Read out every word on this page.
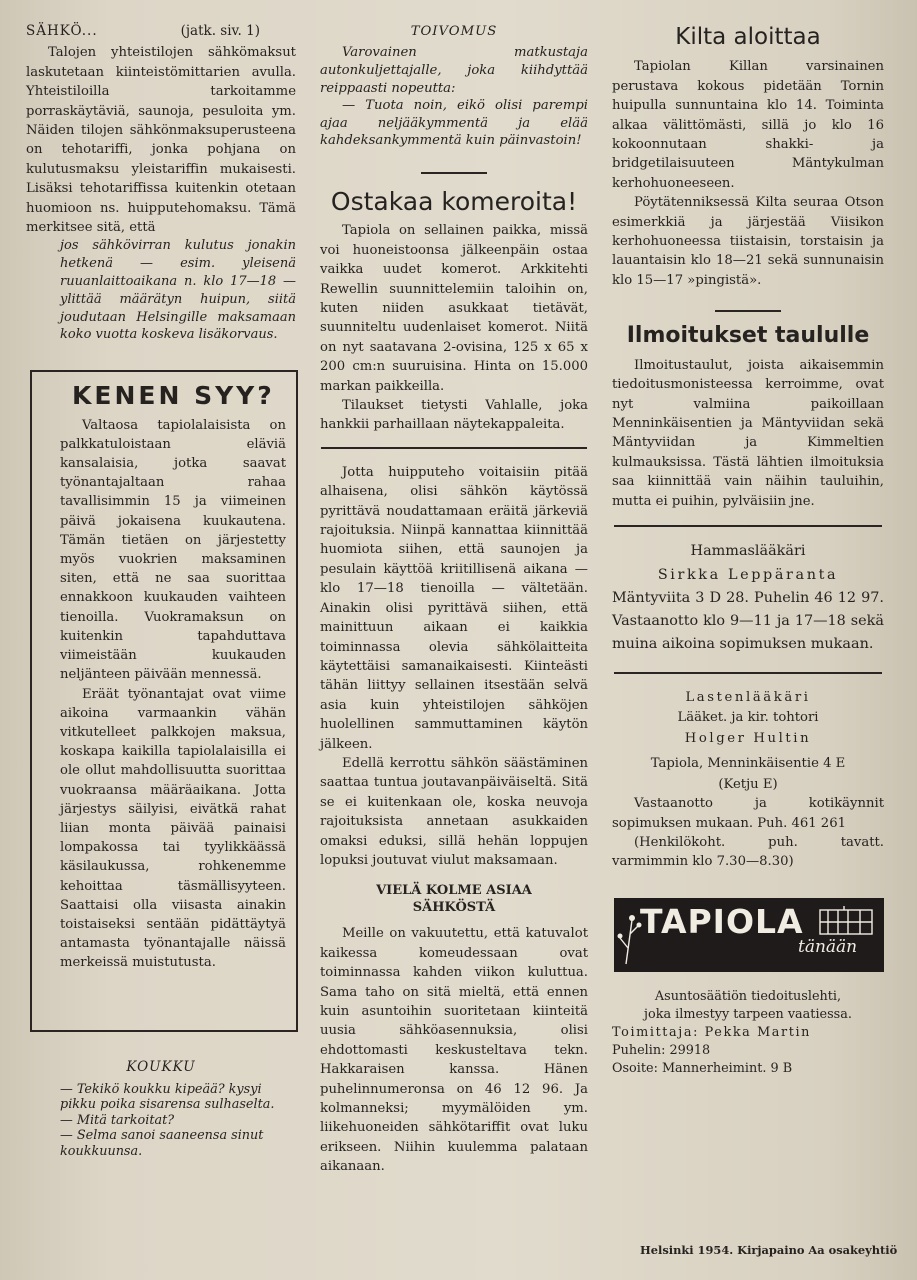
SÄHKÖ...	(jatk. siv. 1)

Talojen yhteistilojen sähkömaksut laskutetaan kiinteistömittarien avulla. Yhteistiloilla tarkoitamme porraskäytäviä, saunoja, pesuloita ym. Näiden tilojen sähkönmaksuperusteena on tehotariffi, jonka pohjana on kulutusmaksu yleistariffin mukaisesti. Lisäksi tehotariffissa kuitenkin otetaan huomioon ns. huipputehomaksu. Tämä merkitsee sitä, että

jos sähkövirran kulutus jonakin hetkenä — esim. yleisenä ruuanlaittoaikana n. klo 17—18 — ylittää määrätyn huipun, siitä joudutaan Helsingille maksamaan koko vuotta koskeva lisäkorvaus.

KENEN SYY?

Valtaosa tapiolalaisista on palkkatuloistaan eläviä kansalaisia, jotka saavat työnantajaltaan rahaa tavallisimmin 15 ja viimeinen päivä jokaisena kuukautena. Tämän tietäen on järjestetty myös vuokrien maksaminen siten, että ne saa suorittaa ennakkoon kuukauden vaihteen tienoilla. Vuokramaksun on kuitenkin tapahduttava viimeistään kuukauden neljänteen päivään mennessä.

Eräät työnantajat ovat viime aikoina varmaankin vähän vitkutelleet palkkojen maksua, koskapa kaikilla tapiolalaisilla ei ole ollut mahdollisuutta suorittaa vuokraansa määräaikana. Jotta järjestys säilyisi, eivätkä rahat liian monta päivää painaisi lompakossa tai tyylikkäässä käsilaukussa, rohkenemme kehoittaa täsmällisyyteen. Saattaisi olla viisasta ainakin toistaiseksi sentään pidättäytyä antamasta työnantajalle näissä merkeissä muistutusta.

KOUKKU
— Tekikö koukku kipeää? kysyi pikku poika sisarensa sulhaselta.
— Mitä tarkoitat?
— Selma sanoi saaneensa sinut koukkuunsa.
TOIVOMUS

Varovainen matkustaja autonkuljettajalle, joka kiihdyttää reippaasti nopeutta:

— Tuota noin, eikö olisi parempi ajaa neljääkymmentä ja elää kahdeksankymmentä kuin päinvastoin!

Ostakaa komeroita!

Tapiola on sellainen paikka, missä voi huoneistoonsa jälkeenpäin ostaa vaikka uudet komerot. Arkkitehti Rewellin suunnittelemiin taloihin on, kuten niiden asukkaat tietävät, suunniteltu uudenlaiset komerot. Niitä on nyt saatavana 2-ovisina, 125 x 65 x 200 cm:n suuruisina. Hinta on 15.000 markan paikkeilla.

Tilaukset tietysti Vahlalle, joka hankkii parhaillaan näytekappaleita.

Jotta huipputeho voitaisiin pitää alhaisena, olisi sähkön käytössä pyrittävä noudattamaan eräitä järkeviä rajoituksia. Niinpä kannattaa kiinnittää huomiota siihen, että saunojen ja pesulain käyttöä kriitillisenä aikana — klo 17—18 tienoilla — vältetään. Ainakin olisi pyrittävä siihen, että mainittuun aikaan ei kaikkia toiminnassa olevia sähkölaitteita käytettäisi samanaikaisesti. Kiinteästi tähän liittyy sellainen itsestään selvä asia kuin yhteistilojen sähköjen huolellinen sammuttaminen käytön jälkeen.

Edellä kerrottu sähkön säästäminen saattaa tuntua joutavanpäiväiseltä. Sitä se ei kuitenkaan ole, koska neuvoja rajoituksista annetaan asukkaiden omaksi eduksi, sillä hehän loppujen lopuksi joutuvat viulut maksamaan.

VIELÄ KOLME ASIAA
SÄHKÖSTÄ

Meille on vakuutettu, että katuvalot kaikessa komeudessaan ovat toiminnassa kahden viikon kuluttua. Sama taho on sitä mieltä, että ennen kuin asuntoihin suoritetaan kiinteitä uusia sähköasennuksia, olisi ehdottomasti keskusteltava tekn. Hakkaraisen kanssa. Hänen puhelinnumeronsa on 46 12 96. Ja kolmanneksi; myymälöiden ym. liikehuoneiden sähkötariffit ovat luku erikseen. Niihin kuulemma palataan aikanaan.

Kilta aloittaa

Tapiolan Killan varsinainen perustava kokous pidetään Tornin huipulla sunnuntaina klo 14. Toiminta alkaa välittömästi, sillä jo klo 16 kokoonnutaan shakki- ja bridgetilaisuuteen Mäntykulman kerhohuoneeseen.

Pöytätenniksessä Kilta seuraa Otson esimerkkiä ja järjestää Viisikon kerhohuoneessa tiistaisin, torstaisin ja lauantaisin klo 18—21 sekä sunnunaisin klo 15—17 »pingistä».

Ilmoitukset taululle

Ilmoitustaulut, joista aikaisemmin tiedoitusmonisteessa kerroimme, ovat nyt valmiina paikoillaan Menninkäisentien ja Mäntyviidan sekä Mäntyviidan ja Kimmeltien kulmauksissa. Tästä lähtien ilmoituksia saa kiinnittää vain näihin tauluihin, mutta ei puihin, pylväisiin jne.

Hammaslääkäri
Sirkka Leppäranta

Mäntyviita 3 D 28. Puhelin 46 12 97. Vastaanotto klo 9—11 ja 17—18 sekä muina aikoina sopimuksen mukaan.

Lastenlääkäri
Lääket. ja kir. tohtori
Holger Hultin
Tapiola, Menninkäisentie 4 E
(Ketju E)

Vastaanotto ja kotikäynnit sopimuksen mukaan. Puh. 461 261

(Henkilökoht. puh. tavatt. varmimmin klo 7.30—8.30)

TAPIOLA
tänään
Asuntosäätiön tiedoituslehti,
joka ilmestyy tarpeen vaatiessa.
Toimittaja: Pekka Martin
Puhelin: 29918
Osoite: Mannerheimint. 9 B
Helsinki 1954. Kirjapaino Aa osakeyhtiö
